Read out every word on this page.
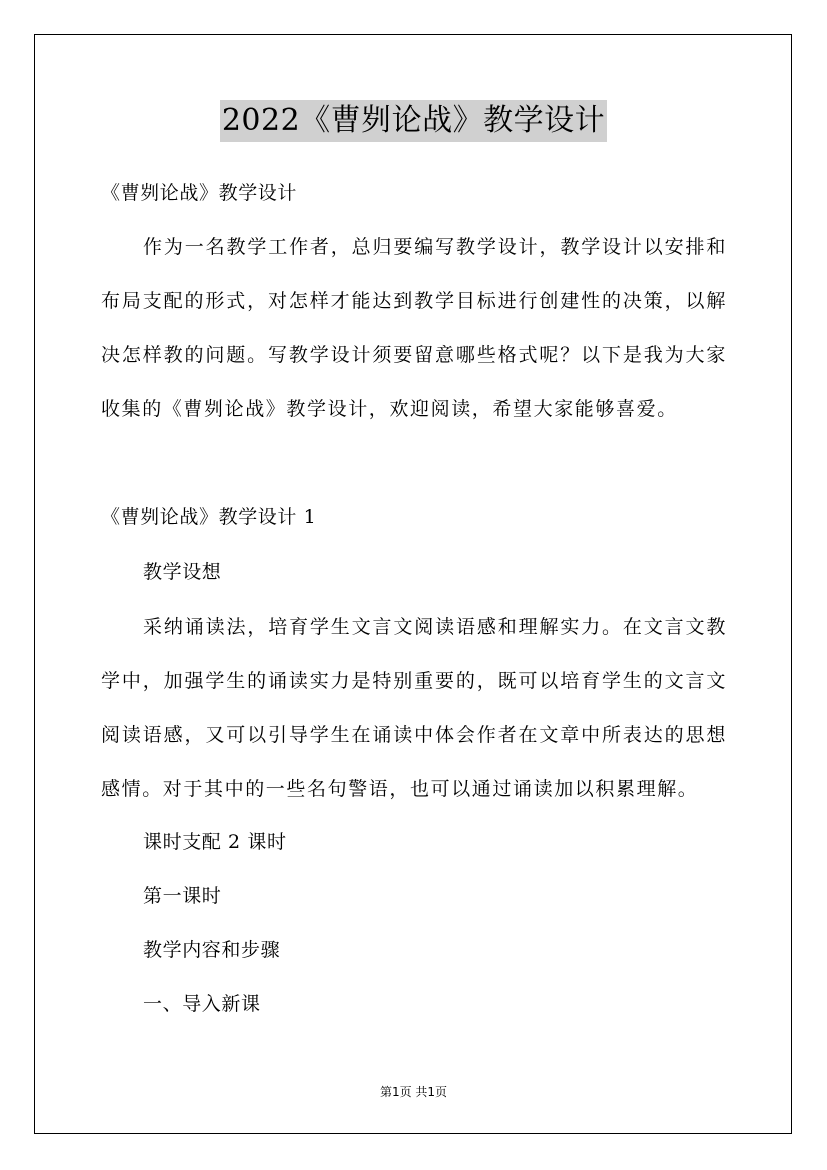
2022《曹刿论战》教学设计
《曹刿论战》教学设计

作为一名教学工作者，总归要编写教学设计，教学设计以安排和布局支配的形式，对怎样才能达到教学目标进行创建性的决策，以解决怎样教的问题。写教学设计须要留意哪些格式呢？以下是我为大家收集的《曹刿论战》教学设计，欢迎阅读，希望大家能够喜爱。

《曹刿论战》教学设计 1
教学设想

采纳诵读法，培育学生文言文阅读语感和理解实力。在文言文教学中，加强学生的诵读实力是特别重要的，既可以培育学生的文言文阅读语感，又可以引导学生在诵读中体会作者在文章中所表达的思想感情。对于其中的一些名句警语，也可以通过诵读加以积累理解。

课时支配 2 课时
第一课时
教学内容和步骤
一、导入新课
第1页 共1页
